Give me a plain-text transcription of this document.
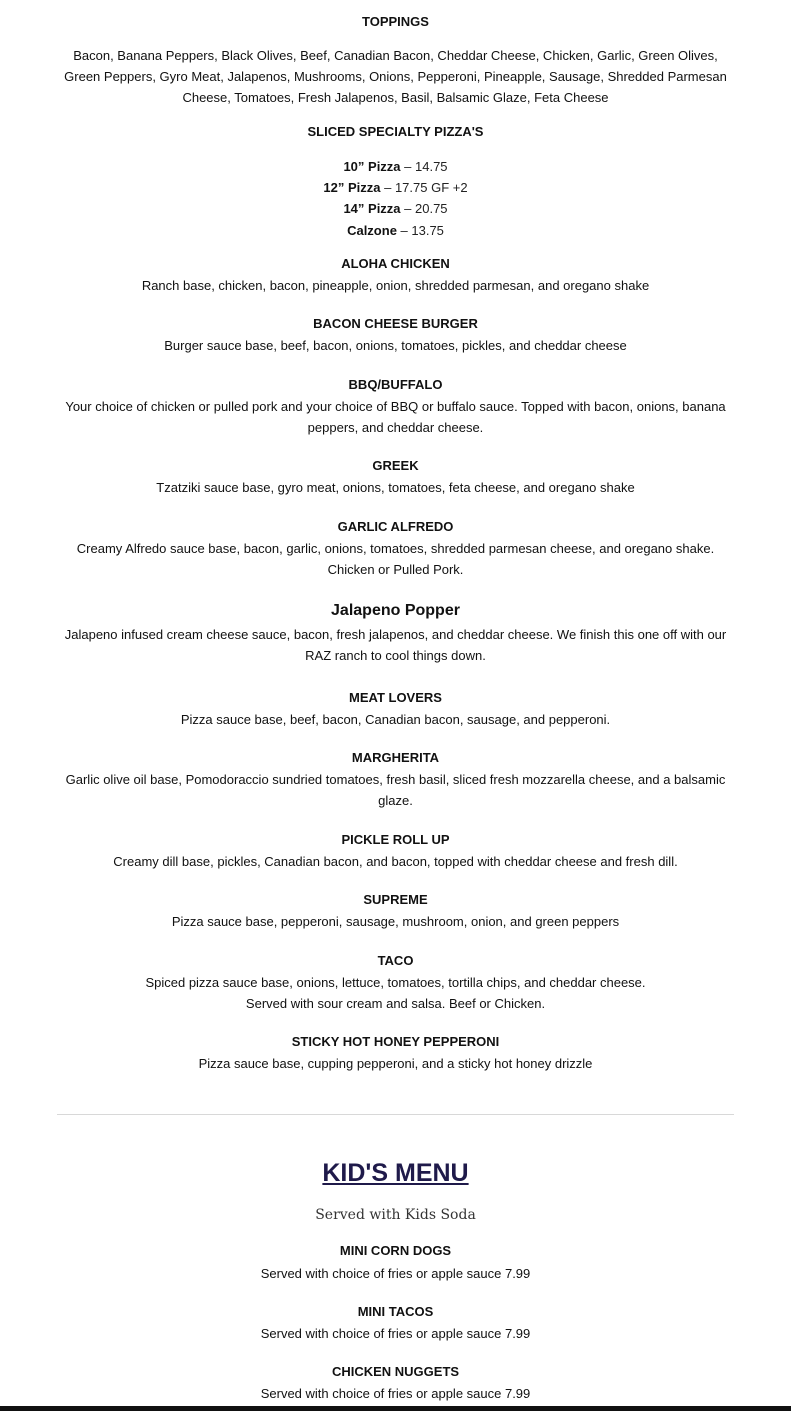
TOPPINGS

Bacon, Banana Peppers, Black Olives, Beef, Canadian Bacon, Cheddar Cheese, Chicken, Garlic, Green Olives, Green Peppers, Gyro Meat, Jalapenos, Mushrooms, Onions, Pepperoni, Pineapple, Sausage, Shredded Parmesan Cheese, Tomatoes, Fresh Jalapenos, Basil, Balsamic Glaze, Feta Cheese

SLICED SPECIALTY PIZZA'S

10” Pizza – 14.75

12” Pizza – 17.75 GF +2

14” Pizza – 20.75

Calzone – 13.75

ALOHA CHICKEN

Ranch base, chicken, bacon, pineapple, onion, shredded parmesan, and oregano shake

BACON CHEESE BURGER

Burger sauce base, beef, bacon, onions, tomatoes, pickles, and cheddar cheese

BBQ/BUFFALO

Your choice of chicken or pulled pork and your choice of BBQ or buffalo sauce. Topped with bacon, onions, banana peppers, and cheddar cheese.

GREEK

Tzatziki sauce base, gyro meat, onions, tomatoes, feta cheese, and oregano shake

GARLIC ALFREDO

Creamy Alfredo sauce base, bacon, garlic, onions, tomatoes, shredded parmesan cheese, and oregano shake. Chicken or Pulled Pork.

Jalapeno Popper

Jalapeno infused cream cheese sauce, bacon, fresh jalapenos, and cheddar cheese. We finish this one off with our RAZ ranch to cool things down.

MEAT LOVERS

Pizza sauce base, beef, bacon, Canadian bacon, sausage, and pepperoni.

MARGHERITA

Garlic olive oil base, Pomodoraccio sundried tomatoes, fresh basil, sliced fresh mozzarella cheese, and a balsamic glaze.

PICKLE ROLL UP

Creamy dill base, pickles, Canadian bacon, and bacon, topped with cheddar cheese and fresh dill.

SUPREME

Pizza sauce base, pepperoni, sausage, mushroom, onion, and green peppers

TACO

Spiced pizza sauce base, onions, lettuce, tomatoes, tortilla chips, and cheddar cheese.

Served with sour cream and salsa. Beef or Chicken.

STICKY HOT HONEY PEPPERONI

Pizza sauce base, cupping pepperoni, and a sticky hot honey drizzle

KID'S MENU

Served with Kids Soda

MINI CORN DOGS

Served with choice of fries or apple sauce 7.99

MINI TACOS

Served with choice of fries or apple sauce 7.99

CHICKEN NUGGETS

Served with choice of fries or apple sauce 7.99
